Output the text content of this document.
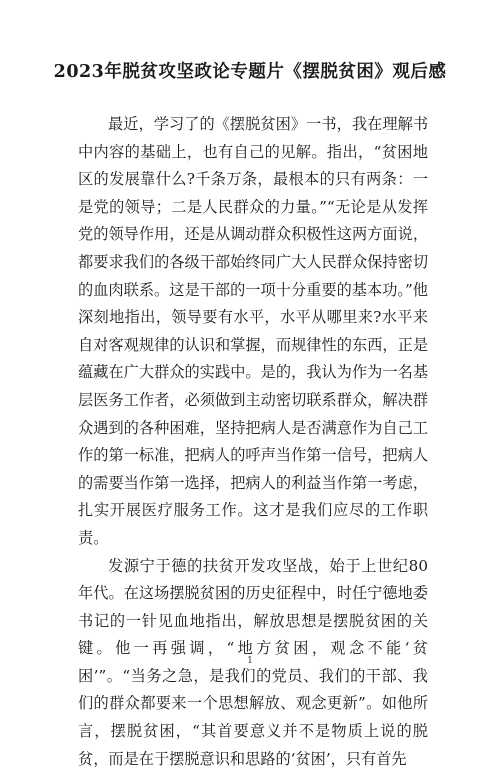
2023年脱贫攻坚政论专题片《摆脱贫困》观后感

最近，学习了的《摆脱贫困》一书，我在理解书中内容的基础上，也有自己的见解。指出，“贫困地区的发展靠什么?千条万条，最根本的只有两条：一是党的领导；二是人民群众的力量。”“无论是从发挥党的领导作用，还是从调动群众积极性这两方面说，都要求我们的各级干部始终同广大人民群众保持密切的血肉联系。这是干部的一项十分重要的基本功。”他深刻地指出，领导要有水平，水平从哪里来?水平来自对客观规律的认识和掌握，而规律性的东西，正是蕴藏在广大群众的实践中。是的，我认为作为一名基层医务工作者，必须做到主动密切联系群众，解决群众遇到的各种困难，坚持把病人是否满意作为自己工作的第一标准，把病人的呼声当作第一信号，把病人的需要当作第一选择，把病人的利益当作第一考虑，扎实开展医疗服务工作。这才是我们应尽的工作职责。

发源宁于德的扶贫开发攻坚战，始于上世纪80年代。在这场摆脱贫困的历史征程中，时任宁德地委书记的一针见血地指出，解放思想是摆脱贫困的关键。他一再强调，“地方贫困，观念不能‘贫困’”。“当务之急，是我们的党员、我们的干部、我们的群众都要来一个思想解放、观念更新”。如他所言，摆脱贫困，“其首要意义并不是物质上说的脱贫，而是在于摆脱意识和思路的‘贫困’，只有首先

1
